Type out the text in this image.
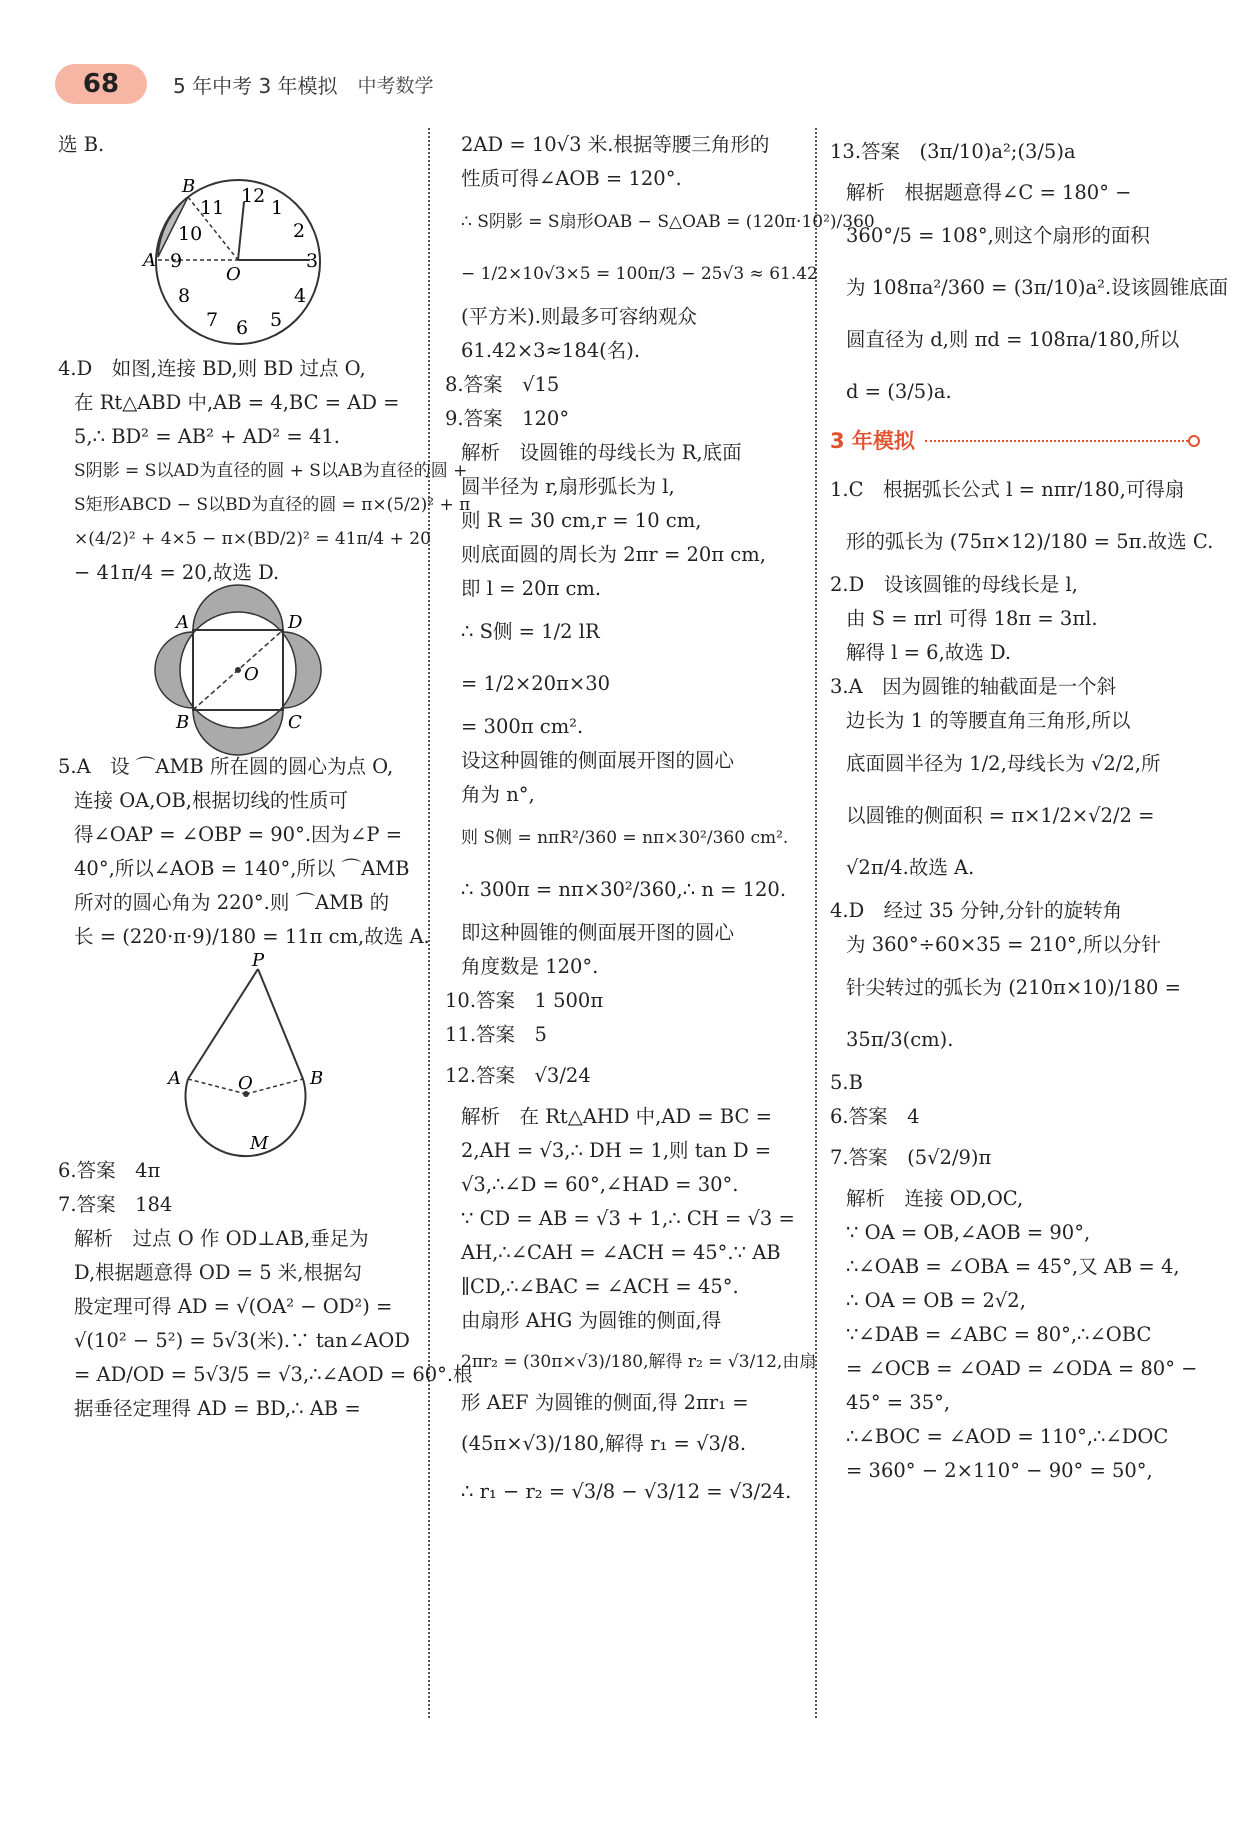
68	5 年中考 3 年模拟 中考数学
选 B.
12
1
2
3
4
5
6
7
8
9
10
11
B
A
O
4.D　如图,连接 BD,则 BD 过点 O,
在 Rt△ABD 中,AB = 4,BC = AD =
5,∴ BD² = AB² + AD² = 41.
S阴影 = S以AD为直径的圆 + S以AB为直径的圆 +
S矩形ABCD − S以BD为直径的圆 = π×(5/2)² + π
×(4/2)² + 4×5 − π×(BD/2)² = 41π/4 + 20
− 41π/4 = 20,故选 D.
A	D
B	C
O
5.A　设 ⌒AMB 所在圆的圆心为点 O,
连接 OA,OB,根据切线的性质可
得∠OAP = ∠OBP = 90°.因为∠P =
40°,所以∠AOB = 140°,所以 ⌒AMB
所对的圆心角为 220°.则 ⌒AMB 的
长 = (220·π·9)/180 = 11π cm,故选 A.
P
A	O	B
M
6.答案　4π
7.答案　184
解析　过点 O 作 OD⊥AB,垂足为
D,根据题意得 OD = 5 米,根据勾
股定理可得 AD = √(OA² − OD²) =
√(10² − 5²) = 5√3(米).∵ tan∠AOD
= AD/OD = 5√3/5 = √3,∴∠AOD = 60°.根
据垂径定理得 AD = BD,∴ AB =
2AD = 10√3 米.根据等腰三角形的
性质可得∠AOB = 120°.
∴ S阴影 = S扇形OAB − S△OAB = (120π·10²)/360
− 1/2×10√3×5 = 100π/3 − 25√3 ≈ 61.42
(平方米).则最多可容纳观众
61.42×3≈184(名).
8.答案　√15
9.答案　120°
解析　设圆锥的母线长为 R,底面
圆半径为 r,扇形弧长为 l,
则 R = 30 cm,r = 10 cm,
则底面圆的周长为 2πr = 20π cm,
即 l = 20π cm.
∴ S侧 = 1/2 lR
= 1/2×20π×30
= 300π cm².
设这种圆锥的侧面展开图的圆心
角为 n°,
则 S侧 = nπR²/360 = nπ×30²/360 cm².
∴ 300π = nπ×30²/360,∴ n = 120.
即这种圆锥的侧面展开图的圆心
角度数是 120°.
10.答案　1 500π
11.答案　5
12.答案　√3/24
解析　在 Rt△AHD 中,AD = BC =
2,AH = √3,∴ DH = 1,则 tan D =
√3,∴∠D = 60°,∠HAD = 30°.
∵ CD = AB = √3 + 1,∴ CH = √3 =
AH,∴∠CAH = ∠ACH = 45°.∵ AB
∥CD,∴∠BAC = ∠ACH = 45°.
由扇形 AHG 为圆锥的侧面,得
2πr₂ = (30π×√3)/180,解得 r₂ = √3/12,由扇
形 AEF 为圆锥的侧面,得 2πr₁ =
(45π×√3)/180,解得 r₁ = √3/8.
∴ r₁ − r₂ = √3/8 − √3/12 = √3/24.
13.答案　(3π/10)a²;(3/5)a
解析　根据题意得∠C = 180° −
360°/5 = 108°,则这个扇形的面积
为 108πa²/360 = (3π/10)a².设该圆锥底面
圆直径为 d,则 πd = 108πa/180,所以
d = (3/5)a.
3 年模拟
1.C　根据弧长公式 l = nπr/180,可得扇
形的弧长为 (75π×12)/180 = 5π.故选 C.
2.D　设该圆锥的母线长是 l,
由 S = πrl 可得 18π = 3πl.
解得 l = 6,故选 D.
3.A　因为圆锥的轴截面是一个斜
边长为 1 的等腰直角三角形,所以
底面圆半径为 1/2,母线长为 √2/2,所
以圆锥的侧面积 = π×1/2×√2/2 =
√2π/4.故选 A.
4.D　经过 35 分钟,分针的旋转角
为 360°÷60×35 = 210°,所以分针
针尖转过的弧长为 (210π×10)/180 =
35π/3(cm).
5.B
6.答案　4
7.答案　(5√2/9)π
解析　连接 OD,OC,
∵ OA = OB,∠AOB = 90°,
∴∠OAB = ∠OBA = 45°,又 AB = 4,
∴ OA = OB = 2√2,
∵∠DAB = ∠ABC = 80°,∴∠OBC
= ∠OCB = ∠OAD = ∠ODA = 80° −
45° = 35°,
∴∠BOC = ∠AOD = 110°,∴∠DOC
= 360° − 2×110° − 90° = 50°,
